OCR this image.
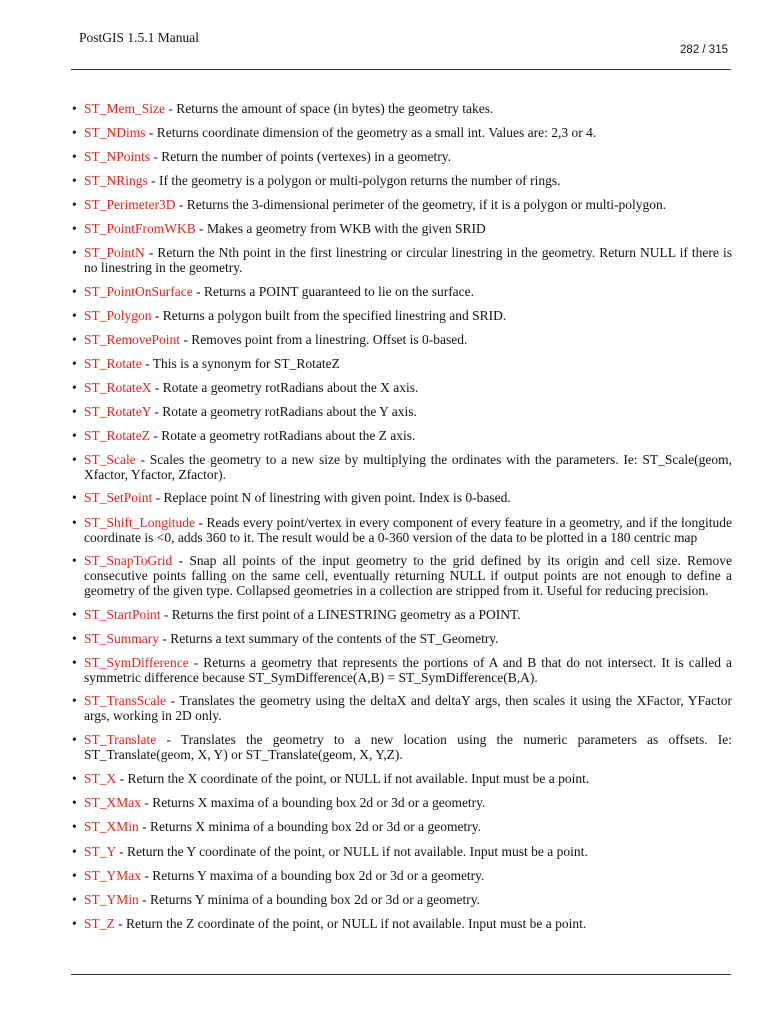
PostGIS 1.5.1 Manual
282 / 315
• ST_Mem_Size - Returns the amount of space (in bytes) the geometry takes.
• ST_NDims - Returns coordinate dimension of the geometry as a small int. Values are: 2,3 or 4.
• ST_NPoints - Return the number of points (vertexes) in a geometry.
• ST_NRings - If the geometry is a polygon or multi-polygon returns the number of rings.
• ST_Perimeter3D - Returns the 3-dimensional perimeter of the geometry, if it is a polygon or multi-polygon.
• ST_PointFromWKB - Makes a geometry from WKB with the given SRID
• ST_PointN - Return the Nth point in the first linestring or circular linestring in the geometry. Return NULL if there is no linestring in the geometry.
• ST_PointOnSurface - Returns a POINT guaranteed to lie on the surface.
• ST_Polygon - Returns a polygon built from the specified linestring and SRID.
• ST_RemovePoint - Removes point from a linestring. Offset is 0-based.
• ST_Rotate - This is a synonym for ST_RotateZ
• ST_RotateX - Rotate a geometry rotRadians about the X axis.
• ST_RotateY - Rotate a geometry rotRadians about the Y axis.
• ST_RotateZ - Rotate a geometry rotRadians about the Z axis.
• ST_Scale - Scales the geometry to a new size by multiplying the ordinates with the parameters. Ie: ST_Scale(geom, Xfactor, Yfactor, Zfactor).
• ST_SetPoint - Replace point N of linestring with given point. Index is 0-based.
• ST_Shift_Longitude - Reads every point/vertex in every component of every feature in a geometry, and if the longitude coordinate is <0, adds 360 to it. The result would be a 0-360 version of the data to be plotted in a 180 centric map
• ST_SnapToGrid - Snap all points of the input geometry to the grid defined by its origin and cell size. Remove consecutive points falling on the same cell, eventually returning NULL if output points are not enough to define a geometry of the given type. Collapsed geometries in a collection are stripped from it. Useful for reducing precision.
• ST_StartPoint - Returns the first point of a LINESTRING geometry as a POINT.
• ST_Summary - Returns a text summary of the contents of the ST_Geometry.
• ST_SymDifference - Returns a geometry that represents the portions of A and B that do not intersect. It is called a symmetric difference because ST_SymDifference(A,B) = ST_SymDifference(B,A).
• ST_TransScale - Translates the geometry using the deltaX and deltaY args, then scales it using the XFactor, YFactor args, working in 2D only.
• ST_Translate - Translates the geometry to a new location using the numeric parameters as offsets. Ie: ST_Translate(geom, X, Y) or ST_Translate(geom, X, Y,Z).
• ST_X - Return the X coordinate of the point, or NULL if not available. Input must be a point.
• ST_XMax - Returns X maxima of a bounding box 2d or 3d or a geometry.
• ST_XMin - Returns X minima of a bounding box 2d or 3d or a geometry.
• ST_Y - Return the Y coordinate of the point, or NULL if not available. Input must be a point.
• ST_YMax - Returns Y maxima of a bounding box 2d or 3d or a geometry.
• ST_YMin - Returns Y minima of a bounding box 2d or 3d or a geometry.
• ST_Z - Return the Z coordinate of the point, or NULL if not available. Input must be a point.
